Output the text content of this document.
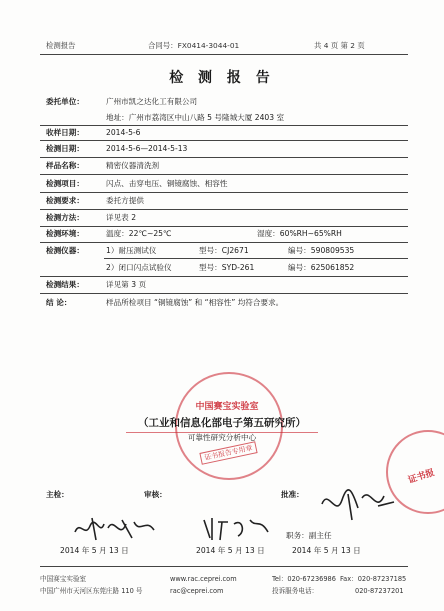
检测报告	合同号：FX0414-3044-01	共 4 页 第 2 页
检 测 报 告
委托单位：	广州市凯之达化工有限公司
地址：广州市荔湾区中山八路 5 号隆城大厦 2403 室
收样日期：	2014-5-6
检测日期：	2014-5-6—2014-5-13
样品名称：	精密仪器清洗剂
检测项目：	闪点、击穿电压、铜镜腐蚀、相容性
检测要求：	委托方提供
检测方法：	详见表 2
检测环境：	温度：22℃~25℃	湿度：60%RH~65%RH
检测仪器：	1）耐压测试仪	型号：CJ2671	编号：590809535
2）闭口闪点试验仪	型号：SYD-261	编号：625061852
检测结果：	详见第 3 页
结 论：	样品所检项目 “铜镜腐蚀” 和 “相容性” 均符合要求。
中国赛宝实验室
（工业和信息化部电子第五研究所）
可靠性研究分析中心
证书报告专用章
证书报
主检：	审核：	批准：
职务：副主任
2014 年 5 月 13 日	2014 年 5 月 13 日	2014 年 5 月 13 日
中国赛宝实验室
中国广州市天河区东莞庄路 110 号
www.rac.ceprei.com
rac@ceprei.com
Tel：020-67236986
投诉服务电话：
Fax：020-87237185
020-87237201
